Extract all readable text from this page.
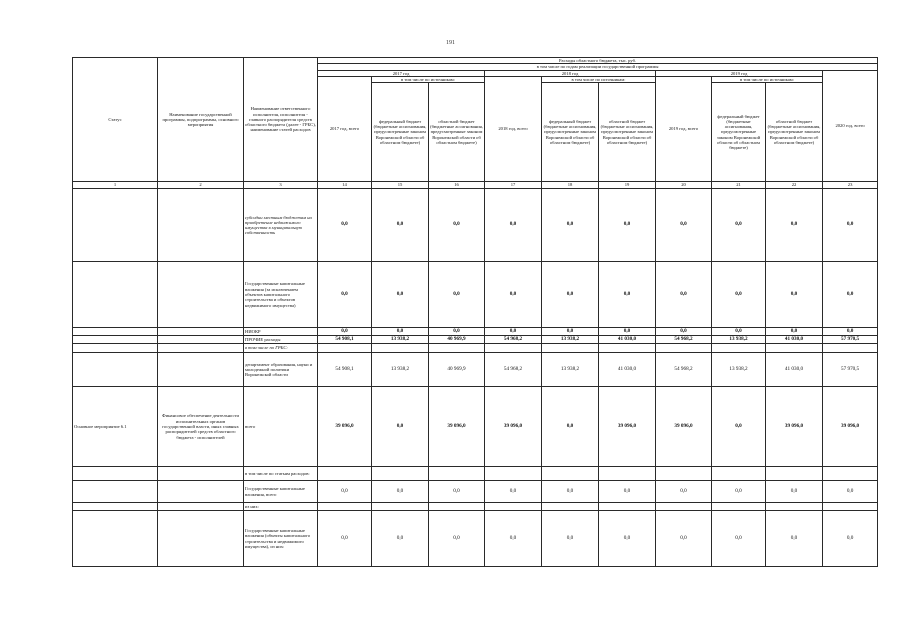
191
Статус	Наименование государственной программы, подпрограммы, основного мероприятия	Наименование ответственного исполнителя, исполнителя - главного распорядителя средств областного бюджета (далее - ГРБС), наименование статей расходов	Расходы областного бюджета, тыс. руб.									
			в том числе по годам реализации государственной программы									
			2017 год			2018 год			2019 год			2020 год, всего
			2017 год, всего	в том числе по источникам:		2018 год, всего	в том числе по источникам:		2019 год, всего	в том числе по источникам:		
				федеральный бюджет (бюджетные ассигнования, предусмотренные законом Воронежской области об областном бюджете)	областной бюджет (бюджетные ассигнования, предусмотренные законом Воронежской области об областном бюджете)		федеральный бюджет (бюджетные ассигнования, предусмотренные законом Воронежской области об областном бюджете)	областной бюджет (бюджетные ассигнования, предусмотренные законом Воронежской области об областном бюджете)		федеральный бюджет (бюджетные ассигнования, предусмотренные законом Воронежской области об областном бюджете)	областной бюджет (бюджетные ассигнования, предусмотренные законом Воронежской области об областном бюджете)	
1	2	3	14	15	16	17	18	19	20	21	22	23
		субсидии местным бюджетам на приобретение недвижимого имущества в муниципальную собственность	0,0	0,0	0,0	0,0	0,0	0,0	0,0	0,0	0,0	0,0
		Государственные капитальные вложения (за исключением объектов капитального строительства и объектов недвижимого имущества)	0,0	0,0	0,0	0,0	0,0	0,0	0,0	0,0	0,0	0,0
		НИОКР	0,0	0,0	0,0	0,0	0,0	0,0	0,0	0,0	0,0	0,0
		ПРОЧИЕ расходы	54 908,1	13 938,2	40 969,9	54 968,2	13 938,2	41 030,0	54 968,2	13 938,2	41 030,0	57 970,5
		в том числе по ГРБС:										
		департамент образования, науки и молодежной политики Воронежской области	54 908,1	13 938,2	40 969,9	54 968,2	13 938,2	41 030,0	54 968,2	13 938,2	41 030,0	57 970,5
Основное мероприятие 6.1	Финансовое обеспечение деятельности исполнительных органов государственной власти, иных главных распорядителей средств областного бюджета - исполнителей	всего	39 096,0	0,0	39 096,0	39 096,0	0,0	39 096,0	39 096,0	0,0	39 096,0	39 096,0
		в том числе по статьям расходов:										
		Государственные капитальные вложения, всего	0,0	0,0	0,0	0,0	0,0	0,0	0,0	0,0	0,0	0,0
		из них:										
		Государственные капитальные вложения (объекты капитального строительства и недвижимого имущества), из них:	0,0	0,0	0,0	0,0	0,0	0,0	0,0	0,0	0,0	0,0
